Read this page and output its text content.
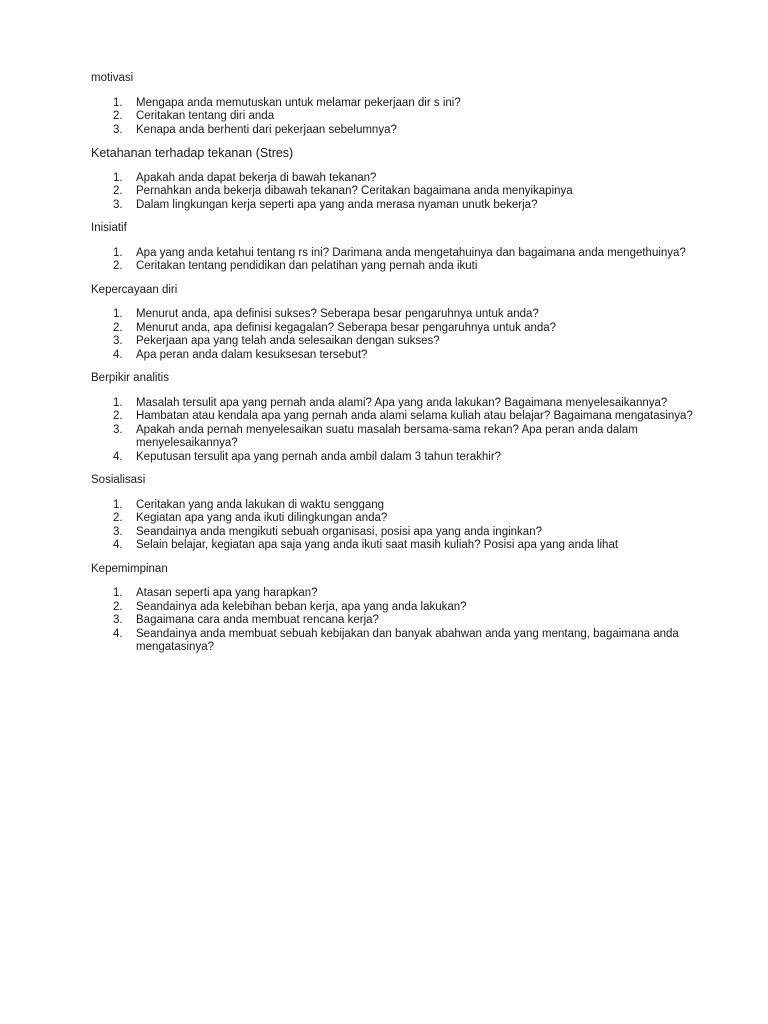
motivasi
1. Mengapa anda memutuskan untuk melamar pekerjaan dir s ini?
2. Ceritakan tentang diri anda
3. Kenapa anda berhenti dari pekerjaan sebelumnya?
Ketahanan terhadap tekanan (Stres)
1. Apakah anda dapat bekerja di bawah tekanan?
2. Pernahkan anda bekerja dibawah tekanan? Ceritakan bagaimana anda menyikapinya
3. Dalam lingkungan kerja seperti apa yang anda merasa nyaman unutk bekerja?
Inisiatif
1. Apa yang anda ketahui tentang rs ini? Darimana anda mengetahuinya dan bagaimana anda mengethuinya?
2. Ceritakan tentang pendidikan dan pelatihan yang pernah anda ikuti
Kepercayaan diri
1. Menurut anda, apa definisi sukses? Seberapa besar pengaruhnya untuk anda?
2. Menurut anda, apa definisi kegagalan? Seberapa besar pengaruhnya untuk anda?
3. Pekerjaan apa yang telah anda selesaikan dengan sukses?
4. Apa peran anda dalam kesuksesan tersebut?
Berpikir analitis
1. Masalah tersulit apa yang pernah anda alami? Apa yang anda lakukan? Bagaimana menyelesaikannya?
2. Hambatan atau kendala apa yang pernah anda alami selama kuliah atau belajar? Bagaimana mengatasinya?
3. Apakah anda pernah menyelesaikan suatu masalah bersama-sama rekan? Apa peran anda dalam menyelesaikannya?
4. Keputusan tersulit apa yang pernah anda ambil dalam 3 tahun terakhir?
Sosialisasi
1. Ceritakan yang anda lakukan di waktu senggang
2. Kegiatan apa yang anda ikuti dilingkungan anda?
3. Seandainya anda mengikuti sebuah organisasi, posisi apa yang anda inginkan?
4. Selain belajar, kegiatan apa saja yang anda ikuti saat masih kuliah? Posisi apa yang anda lihat
Kepemimpinan
1. Atasan seperti apa yang harapkan?
2. Seandainya ada kelebihan beban kerja, apa yang anda lakukan?
3. Bagaimana cara anda membuat rencana kerja?
4. Seandainya anda membuat sebuah kebijakan dan banyak abahwan anda yang mentang, bagaimana anda mengatasinya?
